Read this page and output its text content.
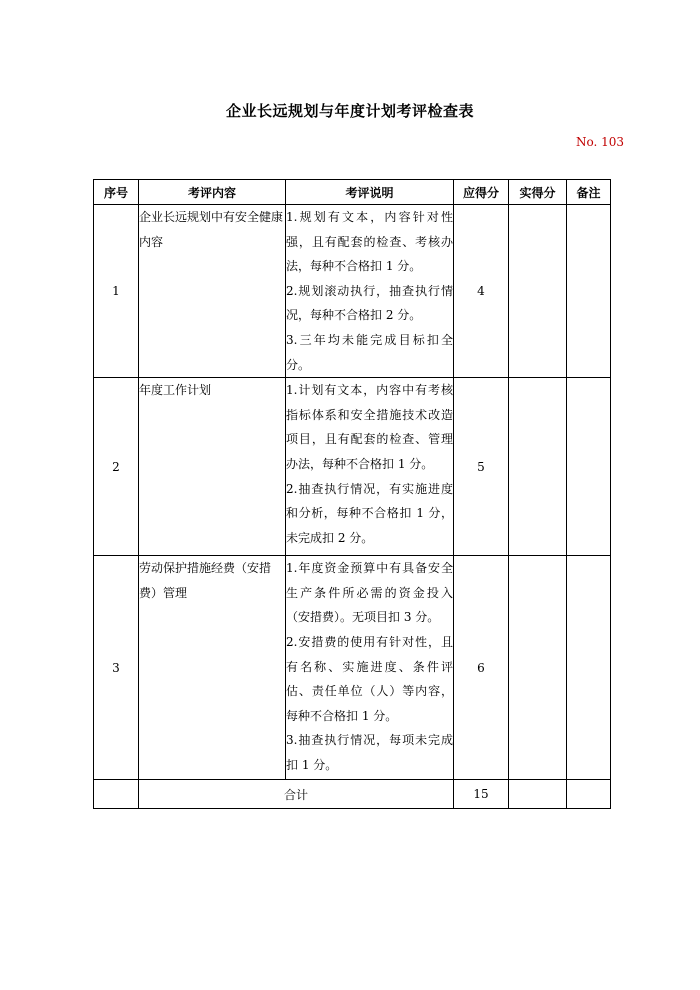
企业长远规划与年度计划考评检查表
No. 103
序号	考评内容	考评说明	应得分	实得分	备注
1	企业长远规划中有安全健康内容	1.规划有文本，内容针对性强，且有配套的检查、考核办法，每种不合格扣 1 分。
2.规划滚动执行，抽查执行情况，每种不合格扣 2 分。
3.三年均未能完成目标扣全分。	4		
2	年度工作计划	1.计划有文本，内容中有考核指标体系和安全措施技术改造项目，且有配套的检查、管理办法，每种不合格扣 1 分。
2.抽查执行情况，有实施进度和分析，每种不合格扣 1 分，未完成扣 2 分。	5		
3	劳动保护措施经费（安措费）管理	1.年度资金预算中有具备安全生产条件所必需的资金投入（安措费）。无项目扣 3 分。
2.安措费的使用有针对性，且有名称、实施进度、条件评估、责任单位（人）等内容，每种不合格扣 1 分。
3.抽查执行情况，每项未完成扣 1 分。	6		
	合计		15		
